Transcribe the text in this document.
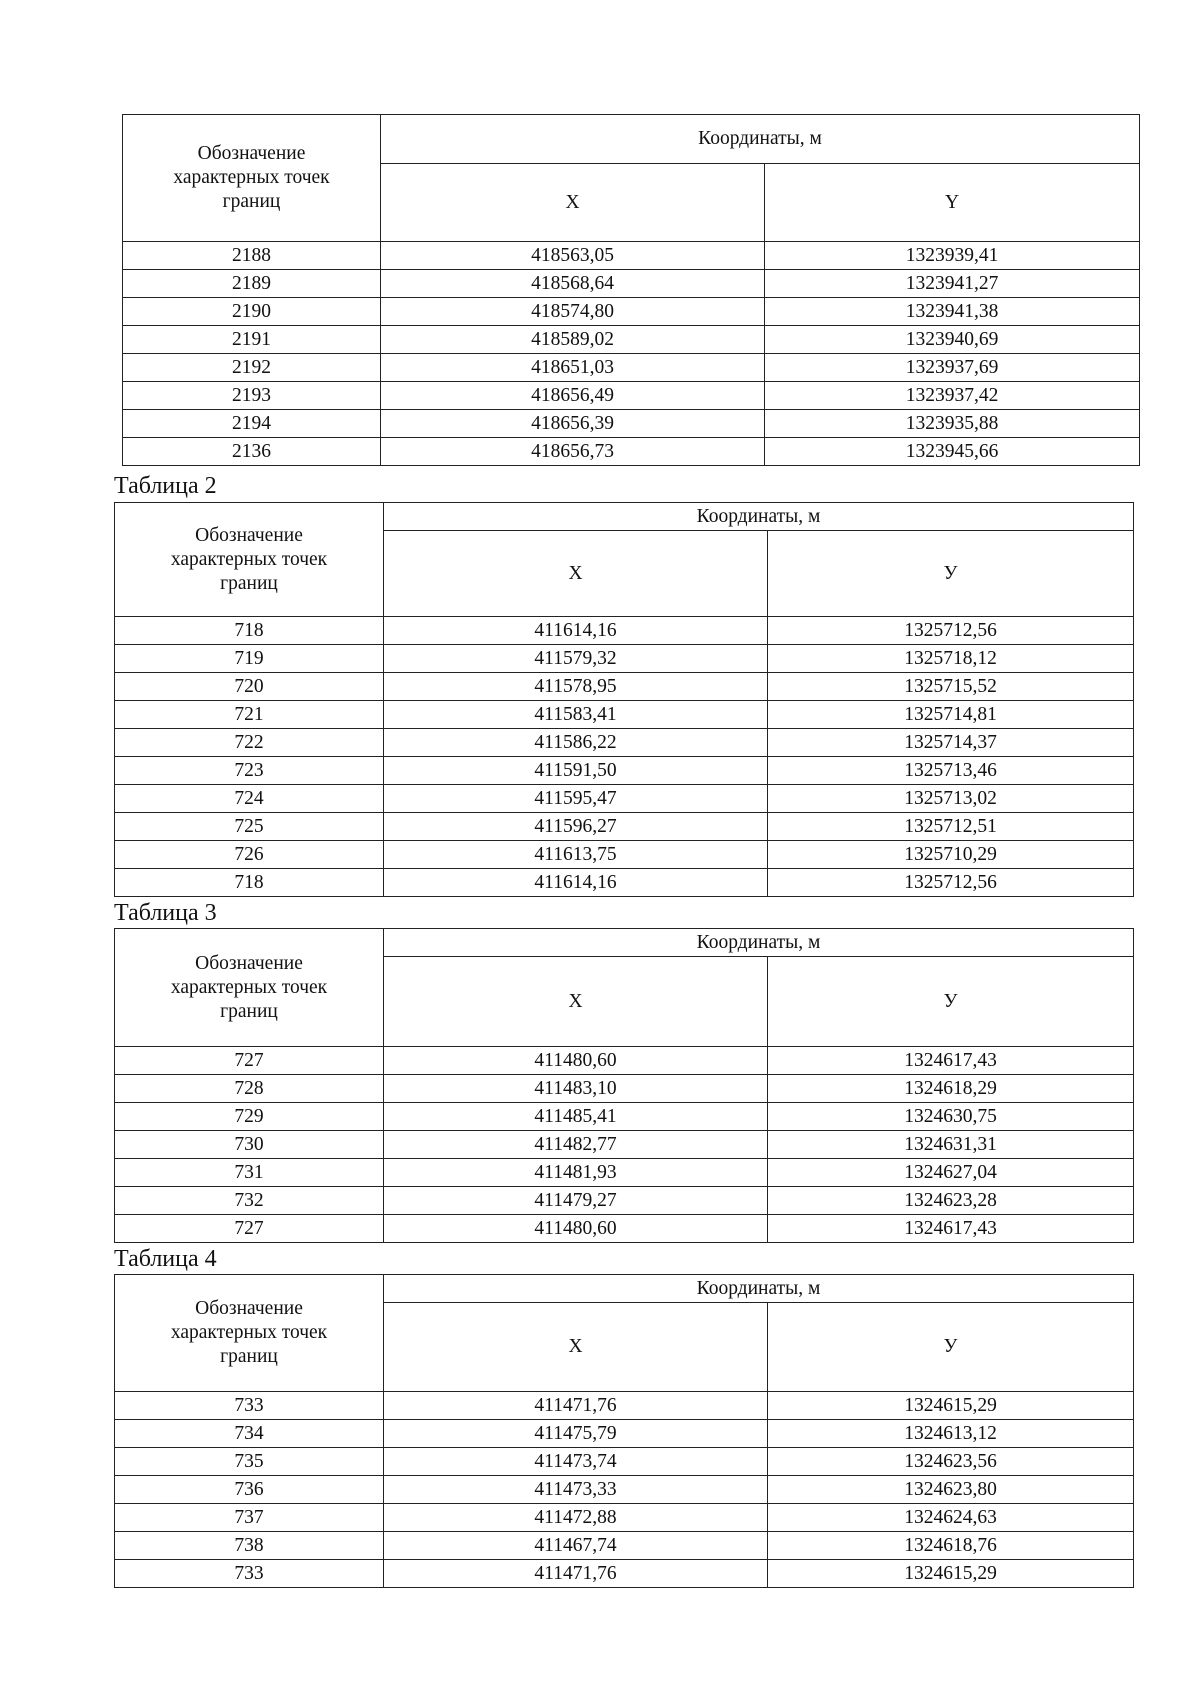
Обозначение характерных точек границ	Координаты, м	
	X	Y
2188	418563,05	1323939,41
2189	418568,64	1323941,27
2190	418574,80	1323941,38
2191	418589,02	1323940,69
2192	418651,03	1323937,69
2193	418656,49	1323937,42
2194	418656,39	1323935,88
2136	418656,73	1323945,66

Таблица 2

Обозначение характерных точек границ	Координаты, м	
	X	У
718	411614,16	1325712,56
719	411579,32	1325718,12
720	411578,95	1325715,52
721	411583,41	1325714,81
722	411586,22	1325714,37
723	411591,50	1325713,46
724	411595,47	1325713,02
725	411596,27	1325712,51
726	411613,75	1325710,29
718	411614,16	1325712,56

Таблица 3

Обозначение характерных точек границ	Координаты, м	
	X	У
727	411480,60	1324617,43
728	411483,10	1324618,29
729	411485,41	1324630,75
730	411482,77	1324631,31
731	411481,93	1324627,04
732	411479,27	1324623,28
727	411480,60	1324617,43

Таблица 4

Обозначение характерных точек границ	Координаты, м	
	X	У
733	411471,76	1324615,29
734	411475,79	1324613,12
735	411473,74	1324623,56
736	411473,33	1324623,80
737	411472,88	1324624,63
738	411467,74	1324618,76
733	411471,76	1324615,29
